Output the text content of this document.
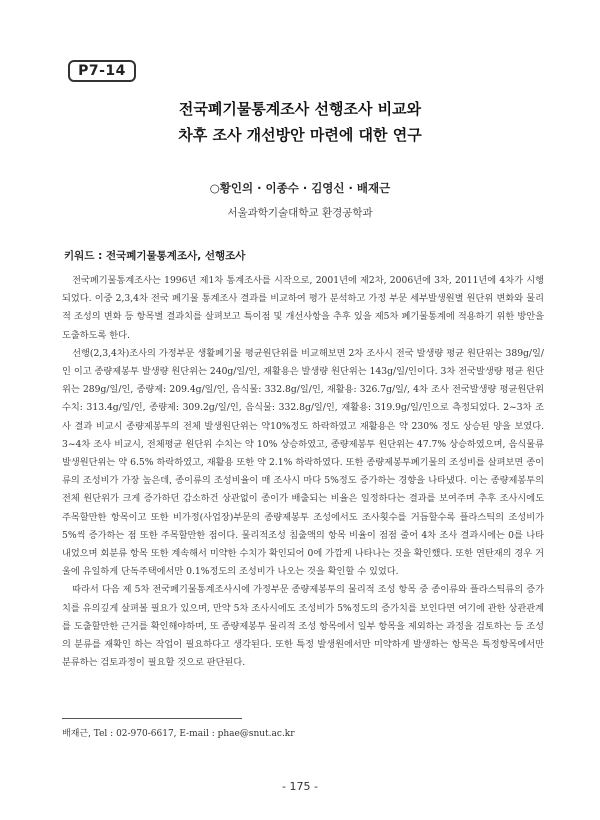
P7-14
전국폐기물통계조사 선행조사 비교와
차후 조사 개선방안 마련에 대한 연구
○황인의 · 이종수 · 김영신 · 배재근
서울과학기술대학교 환경공학과
키워드 : 전국폐기물통계조사, 선행조사

전국폐기물통계조사는 1996년 제1차 통계조사를 시작으로, 2001년에 제2차, 2006년에 3차, 2011년에 4차가 시행되었다. 이중 2,3,4차 전국 폐기물 통계조사 결과를 비교하여 평가 분석하고 가정 부문 세부발생원별 원단위 변화와 물리적 조성의 변화 등 항목별 결과치를 살펴보고 특이점 및 개선사항을 추후 있을 제5차 폐기물통계에 적용하기 위한 방안을 도출하도록 한다.

선행(2,3,4차)조사의 가정부문 생활폐기물 평균원단위를 비교해보면 2차 조사시 전국 발생량 평균 원단위는 389g/일/인 이고 종량제봉투 발생량 원단위는 240g/일/인, 재활용은 발생량 원단위는 143g/일/인이다. 3차 전국발생량 평균 원단위는 289g/일/인, 종량제: 209.4g/일/인, 음식물: 332.8g/일/인, 재활용: 326.7g/일/, 4차 조사 전국발생량 평균원단위 수치: 313.4g/일/인, 종량제: 309.2g/일/인, 음식물: 332.8g/일/인, 재활용: 319.9g/일/인으로 측정되었다. 2~3차 조사 결과 비교시 종량제봉투의 전체 발생원단위는 약10%정도 하락하였고 재활용은 약 230% 정도 상승된 양을 보였다. 3~4차 조사 비교시, 전체평균 원단위 수치는 약 10% 상승하였고, 종량제봉투 원단위는 47.7% 상승하였으며, 음식물류 발생원단위는 약 6.5% 하락하였고, 재활용 또한 약 2.1% 하락하였다. 또한 종량제봉투폐기물의 조성비를 살펴보면 종이류의 조성비가 가장 높은데, 종이류의 조성비율이 매 조사시 마다 5%정도 증가하는 경향을 나타냈다. 이는 종량제봉투의 전체 원단위가 크게 증가하던 감소하건 상관없이 종이가 배출되는 비율은 일정하다는 결과를 보여주며 추후 조사시에도 주목할만한 항목이고 또한 비가정(사업장)부문의 종량제봉투 조성에서도 조사횟수를 거듭할수록 플라스틱의 조성비가 5%씩 증가하는 점 또한 주목할만한 점이다. 물리적조성 침출액의 항목 비율이 점점 줄어 4차 조사 결과시에는 0를 나타내었으며 회분류 항목 또한 계속해서 미약한 수치가 확인되어 0에 가깝게 나타나는 것을 확인했다. 또한 연탄재의 경우 거울에 유일하게 단독주택에서만 0.1%정도의 조성비가 나오는 것을 확인할 수 있었다.

따라서 다음 제 5차 전국폐기물통계조사시에 가정부문 종량제봉투의 물리적 조성 항목 중 종이류와 플라스틱류의 증가치를 유의깊게 살펴볼 필요가 있으며, 만약 5차 조사시에도 조성비가 5%정도의 증가치를 보인다면 여기에 관한 상관관계를 도출할만한 근거를 확인해야하며, 또 종량제봉투 물리적 조성 항목에서 일부 항목을 제외하는 과정을 검토하는 등 조성의 분류를 재확인 하는 작업이 필요하다고 생각된다. 또한 특정 발생원에서만 미약하게 발생하는 항목은 특정항목에서만 분류하는 검토과정이 필요할 것으로 판단된다.

배재근, Tel : 02-970-6617, E-mail : phae@snut.ac.kr
- 175 -
